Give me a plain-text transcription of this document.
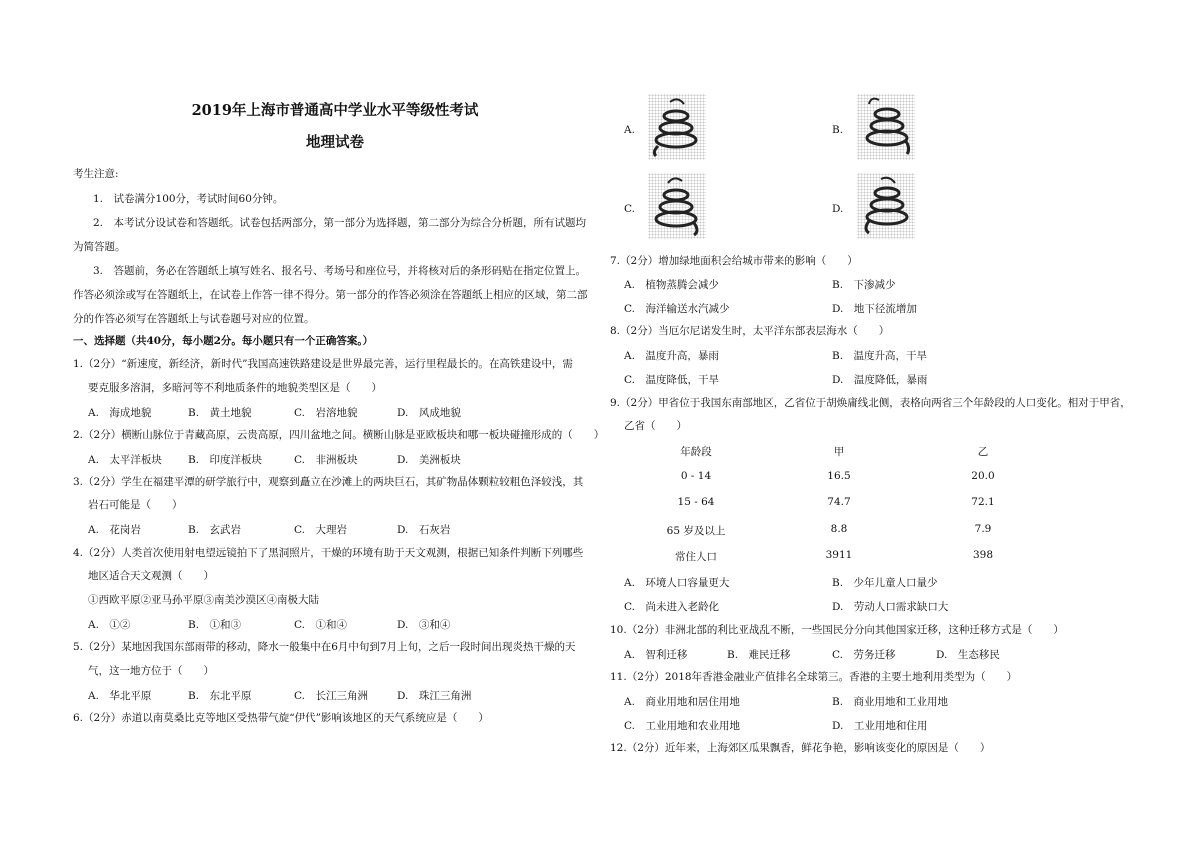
2019年上海市普通高中学业水平等级性考试
地理试卷
考生注意:
1.　试卷满分100分，考试时间60分钟。
2.　本考试分设试卷和答题纸。试卷包括两部分，第一部分为选择题，第二部分为综合分析题，所有试题均
为简答题。
3.　答题前，务必在答题纸上填写姓名、报名号、考场号和座位号，并将核对后的条形码贴在指定位置上。
作答必须涂或写在答题纸上，在试卷上作答一律不得分。第一部分的作答必须涂在答题纸上相应的区域，第二部
分的作答必须写在答题纸上与试卷题号对应的位置。
一、选择题（共40分，每小题2分。每小题只有一个正确答案。）
1.（2分）“新速度，新经济，新时代”我国高速铁路建设是世界最完善，运行里程最长的。在高铁建设中，需
要克服多溶洞，多暗河等不利地质条件的地貌类型区是（　　）
A.　海成地貌	B.　黄土地貌	C.　岩溶地貌	D.　风成地貌
2.（2分）横断山脉位于青藏高原，云贵高原，四川盆地之间。横断山脉是亚欧板块和哪一板块碰撞形成的（　　）
A.　太平洋板块 B.　印度洋板块	C.　非洲板块	D.　美洲板块
3.（2分）学生在福建平潭的研学旅行中，观察到矗立在沙滩上的两块巨石，其矿物晶体颗粒较粗色泽较浅，其
岩石可能是（　　）
A.　花岗岩	B.　玄武岩	C.　大理岩	D.　石灰岩
4.（2分）人类首次使用射电望远镜拍下了黑洞照片，干燥的环境有助于天文观测，根据已知条件判断下列哪些
地区适合天文观测（　　）
①西欧平原②亚马孙平原③南美沙漠区④南极大陆
A.　①②	B.　①和③	C.　①和④	D.　③和④
5.（2分）某地因我国东部雨带的移动，降水一般集中在6月中旬到7月上旬，之后一段时间出现炎热干燥的天
气，这一地方位于（　　）
A.　华北平原	B.　东北平原	C.　长江三角洲	D.　珠江三角洲
6.（2分）赤道以南莫桑比克等地区受热带气旋“伊代”影响该地区的天气系统应是（　　）
A.	B.
C.	D.
7.（2分）增加绿地面积会给城市带来的影响（　　）
A.　植物蒸腾会减少	B.　下渗减少
C.　海洋输送水汽减少	D.　地下径流增加
8.（2分）当厄尔尼诺发生时，太平洋东部表层海水（　　）
A.　温度升高，暴雨	B.　温度升高，干旱
C.　温度降低，干旱	D.　温度降低，暴雨
9.（2分）甲省位于我国东南部地区，乙省位于胡焕庸线北侧，表格向两省三个年龄段的人口变化。相对于甲省，
乙省（　　）
年龄段	甲	乙
0 - 14	16.5	20.0
15 - 64	74.7	72.1
65 岁及以上	8.8	7.9
常住人口	3911	398
A.　环境人口容量更大	B.　少年儿童人口量少
C.　尚未进入老龄化	D.　劳动人口需求缺口大
10.（2分）非洲北部的利比亚战乱不断，一些国民分分向其他国家迁移，这种迁移方式是（　　）
A.　智利迁移	B.　难民迁移	C.　劳务迁移	D.　生态移民
11.（2分）2018年香港金融业产值排名全球第三。香港的主要土地利用类型为（　　）
A.　商业用地和居住用地	B.　商业用地和工业用地
C.　工业用地和农业用地	D.　工业用地和住用
12.（2分）近年来，上海郊区瓜果飘香，鲜花争艳，影响该变化的原因是（　　）
